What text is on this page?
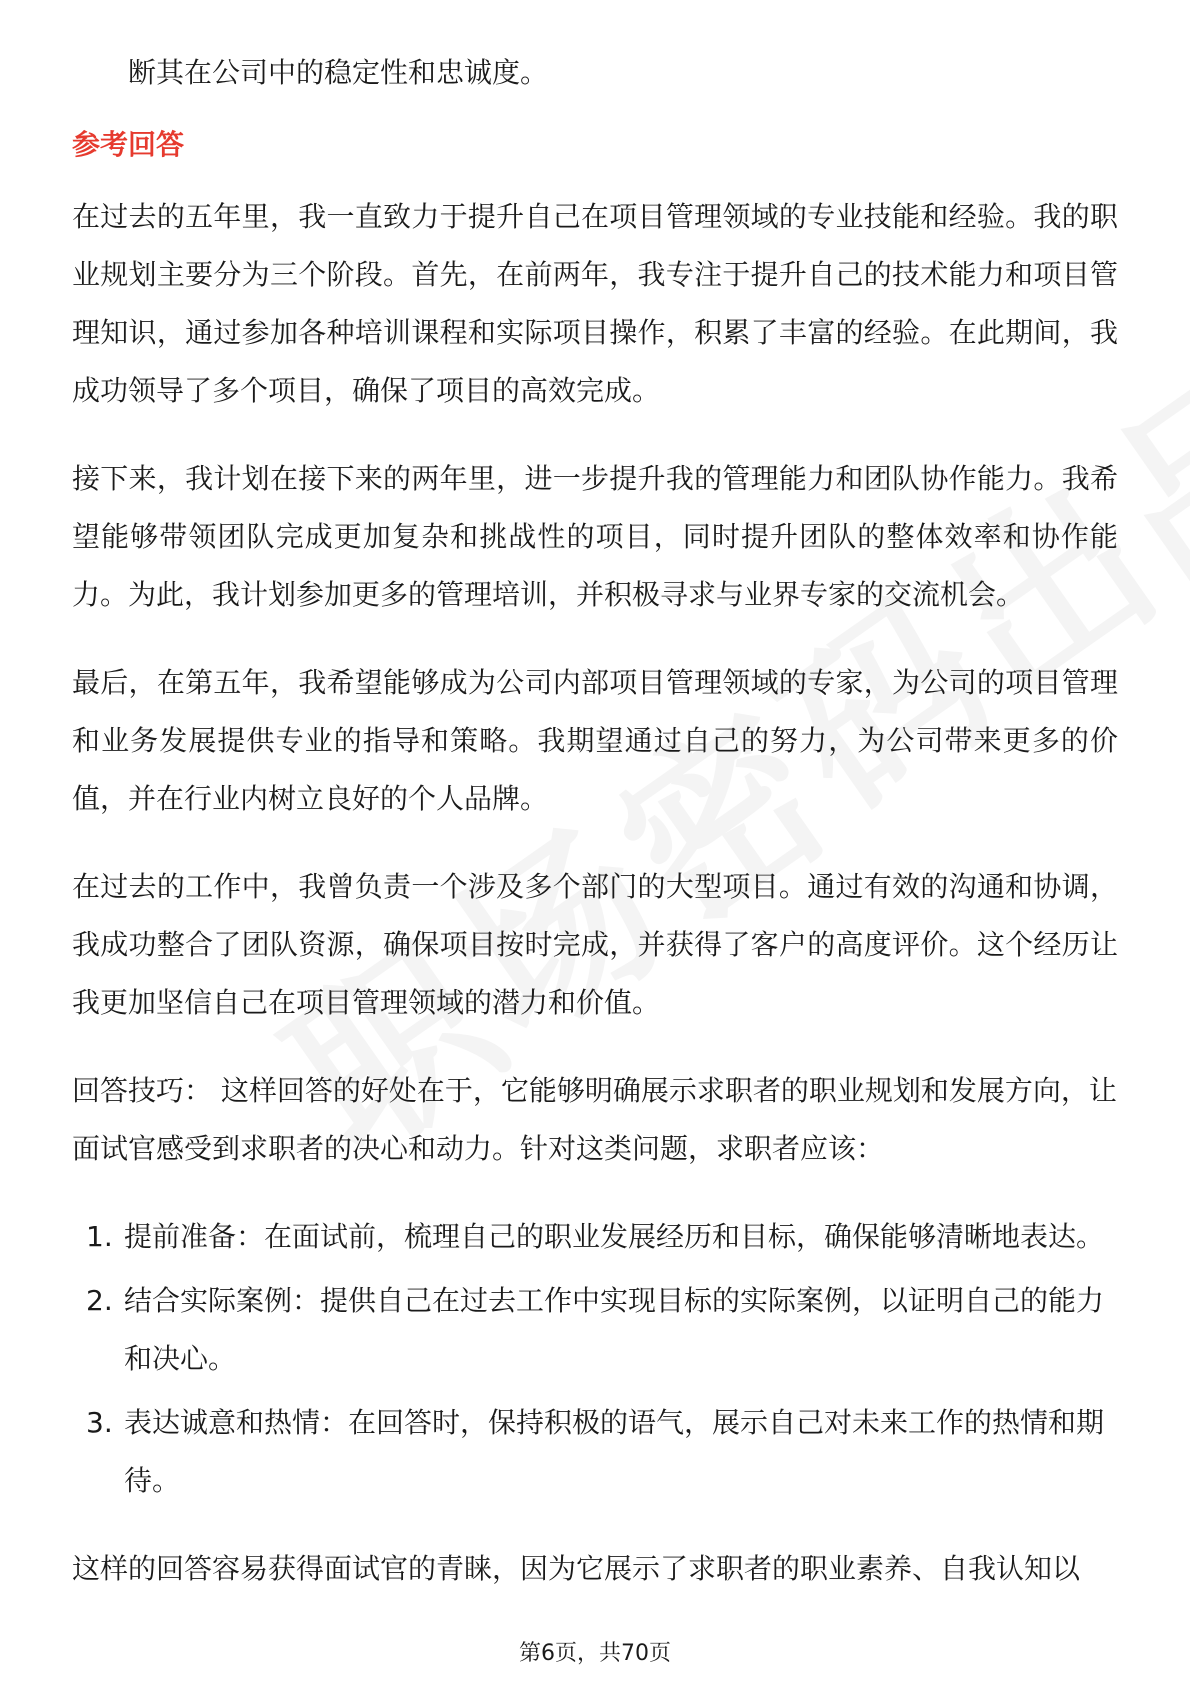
断其在公司中的稳定性和忠诚度。

参考回答

在过去的五年里，我一直致力于提升自己在项目管理领域的专业技能和经验。我的职业规划主要分为三个阶段。首先，在前两年，我专注于提升自己的技术能力和项目管理知识，通过参加各种培训课程和实际项目操作，积累了丰富的经验。在此期间，我成功领导了多个项目，确保了项目的高效完成。

接下来，我计划在接下来的两年里，进一步提升我的管理能力和团队协作能力。我希望能够带领团队完成更加复杂和挑战性的项目，同时提升团队的整体效率和协作能力。为此，我计划参加更多的管理培训，并积极寻求与业界专家的交流机会。

最后，在第五年，我希望能够成为公司内部项目管理领域的专家，为公司的项目管理和业务发展提供专业的指导和策略。我期望通过自己的努力，为公司带来更多的价值，并在行业内树立良好的个人品牌。

在过去的工作中，我曾负责一个涉及多个部门的大型项目。通过有效的沟通和协调，我成功整合了团队资源，确保项目按时完成，并获得了客户的高度评价。这个经历让我更加坚信自己在项目管理领域的潜力和价值。

回答技巧： 这样回答的好处在于，它能够明确展示求职者的职业规划和发展方向，让面试官感受到求职者的决心和动力。针对这类问题，求职者应该：

1. 提前准备：在面试前，梳理自己的职业发展经历和目标，确保能够清晰地表达。
2. 结合实际案例：提供自己在过去工作中实现目标的实际案例，以证明自己的能力和决心。
3. 表达诚意和热情：在回答时，保持积极的语气，展示自己对未来工作的热情和期待。

这样的回答容易获得面试官的青睐，因为它展示了求职者的职业素养、自我认知以

第6页，共70页
